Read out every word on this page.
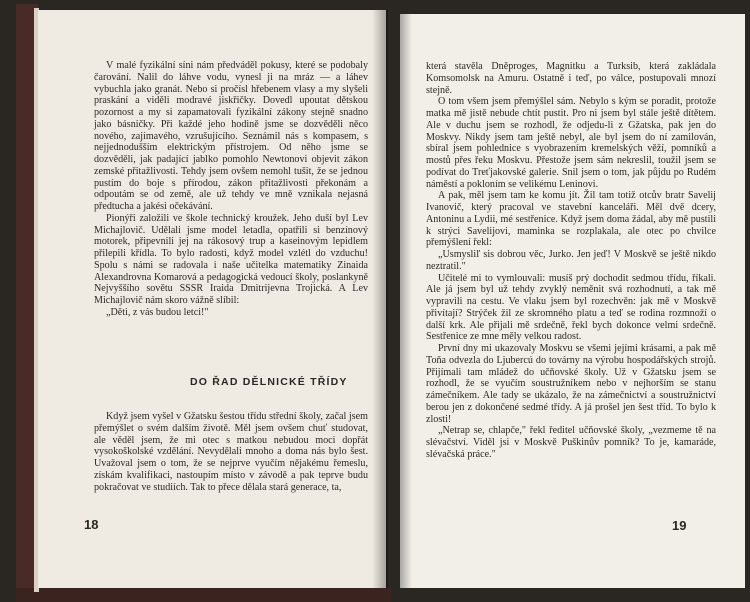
V malé fyzikální síni nám předváděl pokusy, které se podobaly čarování. Nalil do láhve vodu, vynesl ji na mráz — a láhev vybuchla jako granát. Nebo si pročísl hřebenem vlasy a my slyšeli praskání a viděli modravé jiskřičky. Dovedl upoutat dětskou pozornost a my si zapamatovali fyzikální zákony stejně snadno jako básničky. Při každé jeho hodině jsme se dozvěděli něco nového, zajímavého, vzrušujícího. Seznámil nás s kompasem, s nejjednodušším elektrickým přístrojem. Od něho jsme se dozvěděli, jak padající jablko pomohlo Newtonovi objevit zákon zemské přitažlivosti. Tehdy jsem ovšem nemohl tušit, že se jednou pustím do boje s přírodou, zákon přitažlivosti překonám a odpoutám se od země, ale už tehdy ve mně vznikala nejasná předtucha a jakési očekávání.

Pionýři založili ve škole technický kroužek. Jeho duší byl Lev Michajlovič. Udělali jsme model letadla, opatřili si benzínový motorek, připevnili jej na rákosový trup a kaseinovým lepidlem přilepili křídla. To bylo radosti, když model vzlétl do vzduchu! Spolu s námi se radovala i naše učitelka matematiky Zinaida Alexandrovna Komarová a pedagogická vedoucí školy, poslankyně Nejvyššího sovětu SSSR Iraida Dmitrijevna Trojická. A Lev Michajlovič nám skoro vážně slíbil:

„Děti, z vás budou letci!"

DO ŘAD DĚLNICKÉ TŘÍDY

Když jsem vyšel v Gžatsku šestou třídu střední školy, začal jsem přemýšlet o svém dalším životě. Měl jsem ovšem chuť studovat, ale věděl jsem, že mi otec s matkou nebudou moci dopřát vysokoškolské vzdělání. Nevydělali mnoho a doma nás bylo šest. Uvažoval jsem o tom, že se nejprve vyučím nějakému řemeslu, získám kvalifikaci, nastoupím místo v závodě a pak teprve budu pokračovat ve studiích. Tak to přece dělala stará generace, ta,

18

která stavěla Dněproges, Magnitku a Turksib, která zakládala Komsomolsk na Amuru. Ostatně i teď, po válce, postupovali mnozí stejně.

O tom všem jsem přemýšlel sám. Nebylo s kým se poradit, protože matka mě jistě nebude chtít pustit. Pro ni jsem byl stále ještě dítětem. Ale v duchu jsem se rozhodl, že odjedu-li z Gžatska, pak jen do Moskvy. Nikdy jsem tam ještě nebyl, ale byl jsem do ní zamilován, sbíral jsem pohlednice s vyobrazením kremelských věží, pomníků a mostů přes řeku Moskvu. Přestože jsem sám nekreslil, toužil jsem se podívat do Treťjakovské galerie. Snil jsem o tom, jak půjdu po Rudém náměstí a pokloním se velikému Leninovi.

A pak, měl jsem tam ke komu jít. Žil tam totiž otcův bratr Savelij Ivanovič, který pracoval ve stavební kanceláři. Měl dvě dcery, Antoninu a Lydii, mé sestřenice. Když jsem doma žádal, aby mě pustili k strýci Savelijovi, maminka se rozplakala, ale otec po chvilce přemýšlení řekl:

„Usmysliľ sis dobrou věc, Jurko. Jen jeď! V Moskvě se ještě nikdo neztratil."

Učitelé mi to vymlouvali: musíš prý dochodit sedmou třídu, říkali. Ale já jsem byl už tehdy zvyklý neměnit svá rozhodnutí, a tak mě vypravili na cestu. Ve vlaku jsem byl rozechvěn: jak mě v Moskvě přivítají? Strýček žil ze skromného platu a teď se rodina rozmnoží o další krk. Ale přijali mě srdečně, řekl bych dokonce velmi srdečně. Sestřenice ze mne měly velkou radost.

První dny mi ukazovaly Moskvu se všemi jejími krásami, a pak mě Toňa odvezla do Ljubercú do továrny na výrobu hospodářských strojů. Přijímali tam mládež do učňovské školy. Už v Gžatsku jsem se rozhodl, že se vyučím soustružníkem nebo v nejhorším se stanu zámečníkem. Ale tady se ukázalo, že na zámečnictví a soustružnictví berou jen z dokončené sedmé třídy. A já prošel jen šest tříd. To bylo k zlosti!

„Netrap se, chlapče," řekl ředitel učňovské školy, „vezmeme tě na slévačství. Viděl jsi v Moskvě Puškinův pomník? To je, kamaráde, slévačská práce."

19
